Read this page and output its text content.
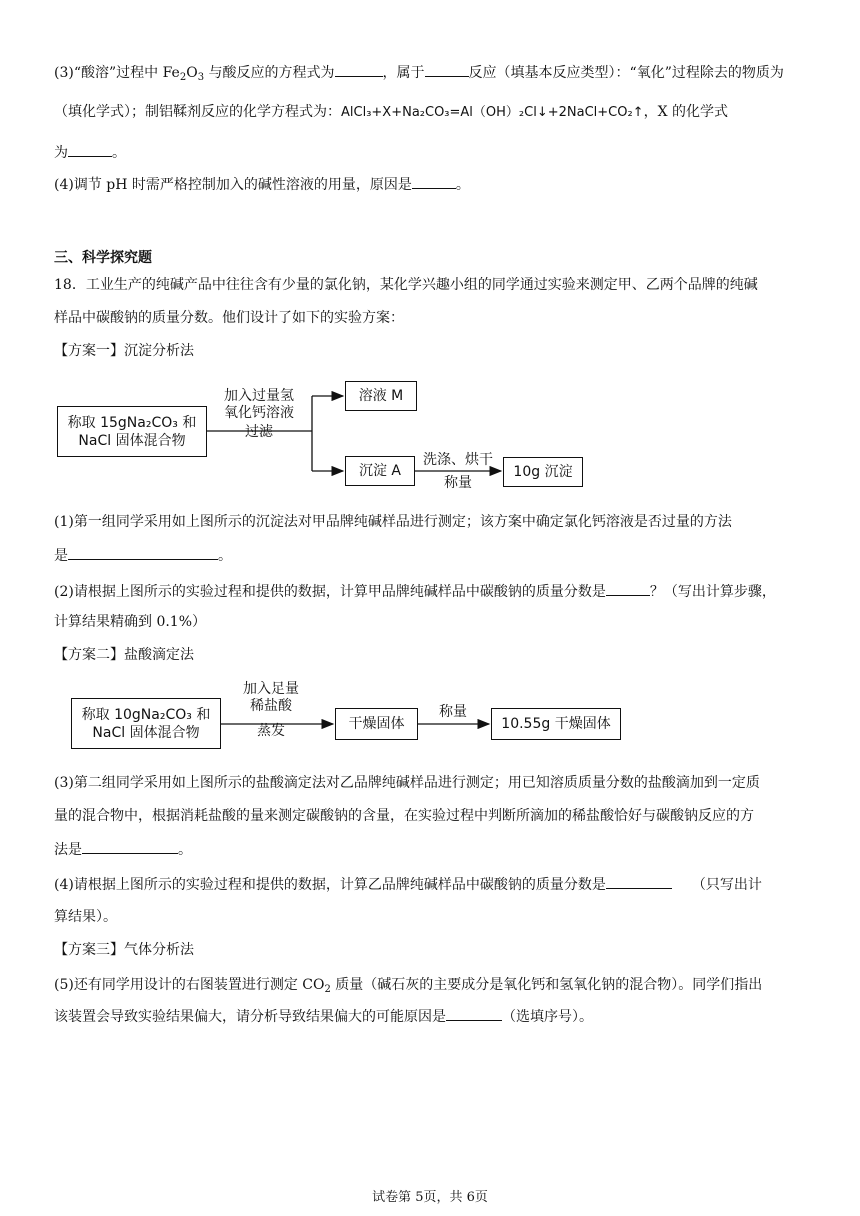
(3)“酸溶”过程中 $Fe_2O_3$ 与酸反应的方程式为	，属于	反应（填基本反应类型）：“氧化”过程除去的物质为
（填化学式）；制铝鞣剂反应的化学方程式为：AlCl₃+X+Na₂CO₃=Al（OH）₂Cl↓+2NaCl+CO₂↑，X 的化学式
为	。
(4)调节 pH 时需严格控制加入的碱性溶液的用量，原因是	。
三、科学探究题
18．工业生产的纯碱产品中往往含有少量的氯化钠，某化学兴趣小组的同学通过实验来测定甲、乙两个品牌的纯碱
样品中碳酸钠的质量分数。他们设计了如下的实验方案：
【方案一】沉淀分析法
称取 15gNa₂CO₃ 和
NaCl 固体混合物
加入过量氢
氧化钙溶液
过滤
溶液 M
沉淀 A
洗涤、烘干
称量
10g 沉淀
(1)第一组同学采用如上图所示的沉淀法对甲品牌纯碱样品进行测定；该方案中确定氯化钙溶液是否过量的方法
是	。
(2)请根据上图所示的实验过程和提供的数据，计算甲品牌纯碱样品中碳酸钠的质量分数是	？（写出计算步骤，
计算结果精确到 0.1%）
【方案二】盐酸滴定法
称取 10gNa₂CO₃ 和
NaCl 固体混合物
加入足量
稀盐酸
蒸发	干燥固体
称量
10.55g 干燥固体
(3)第二组同学采用如上图所示的盐酸滴定法对乙品牌纯碱样品进行测定；用已知溶质质量分数的盐酸滴加到一定质
量的混合物中，根据消耗盐酸的量来测定碳酸钠的含量，在实验过程中判断所滴加的稀盐酸恰好与碳酸钠反应的方
法是	。
(4)请根据上图所示的实验过程和提供的数据，计算乙品牌纯碱样品中碳酸钠的质量分数是	（只写出计
算结果）。
【方案三】气体分析法
(5)还有同学用设计的右图装置进行测定 $CO_2$ 质量（碱石灰的主要成分是氧化钙和氢氧化钠的混合物）。同学们指出
该装置会导致实验结果偏大，请分析导致结果偏大的可能原因是	（选填序号）。
试卷第 5页，共 6页
